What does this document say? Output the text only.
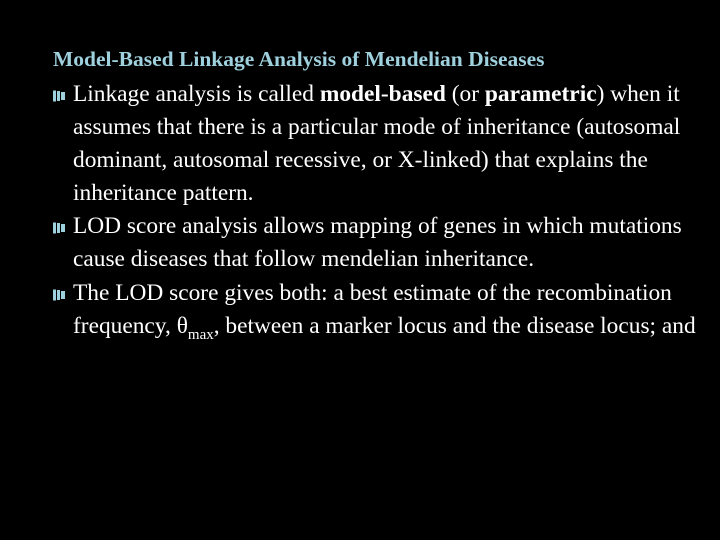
Model-Based Linkage Analysis of Mendelian Diseases
Linkage analysis is called model-based (or parametric) when it assumes that there is a particular mode of inheritance (autosomal dominant, autosomal recessive, or X-linked) that explains the inheritance pattern.
LOD score analysis allows mapping of genes in which mutations cause diseases that follow mendelian inheritance.
The LOD score gives both: a best estimate of the recombination frequency, $\theta_{max}$, between a marker locus and the disease locus; and
